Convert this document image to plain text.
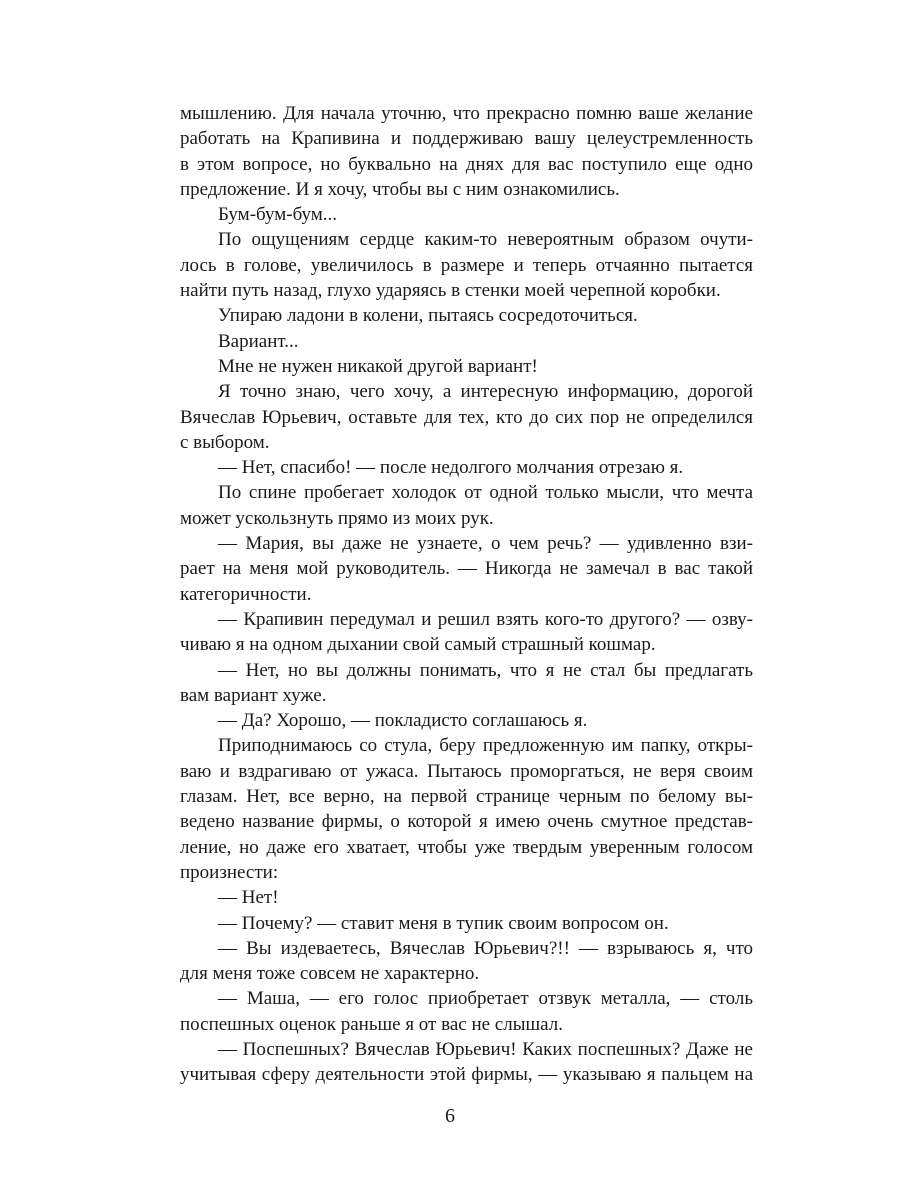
мышлению. Для начала уточню, что прекрасно помню ваше желание
работать на Крапивина и поддерживаю вашу целеустремленность
в этом вопросе, но буквально на днях для вас поступило еще одно
предложение. И я хочу, чтобы вы с ним ознакомились.
Бум-бум-бум...
По ощущениям сердце каким-то невероятным образом очути-
лось в голове, увеличилось в размере и теперь отчаянно пытается
найти путь назад, глухо ударяясь в стенки моей черепной коробки.
Упираю ладони в колени, пытаясь сосредоточиться.
Вариант...
Мне не нужен никакой другой вариант!
Я точно знаю, чего хочу, а интересную информацию, дорогой
Вячеслав Юрьевич, оставьте для тех, кто до сих пор не определился
с выбором.
— Нет, спасибо! — после недолгого молчания отрезаю я.
По спине пробегает холодок от одной только мысли, что мечта
может ускользнуть прямо из моих рук.
— Мария, вы даже не узнаете, о чем речь? — удивленно взи-
рает на меня мой руководитель. — Никогда не замечал в вас такой
категоричности.
— Крапивин передумал и решил взять кого-то другого? — озву-
чиваю я на одном дыхании свой самый страшный кошмар.
— Нет, но вы должны понимать, что я не стал бы предлагать
вам вариант хуже.
— Да? Хорошо, — покладисто соглашаюсь я.
Приподнимаюсь со стула, беру предложенную им папку, откры-
ваю и вздрагиваю от ужаса. Пытаюсь проморгаться, не веря своим
глазам. Нет, все верно, на первой странице черным по белому вы-
ведено название фирмы, о которой я имею очень смутное представ-
ление, но даже его хватает, чтобы уже твердым уверенным голосом
произнести:
— Нет!
— Почему? — ставит меня в тупик своим вопросом он.
— Вы издеваетесь, Вячеслав Юрьевич?!! — взрываюсь я, что
для меня тоже совсем не характерно.
— Маша, — его голос приобретает отзвук металла, — столь
поспешных оценок раньше я от вас не слышал.
— Поспешных? Вячеслав Юрьевич! Каких поспешных? Даже не
учитывая сферу деятельности этой фирмы, — указываю я пальцем на
6
